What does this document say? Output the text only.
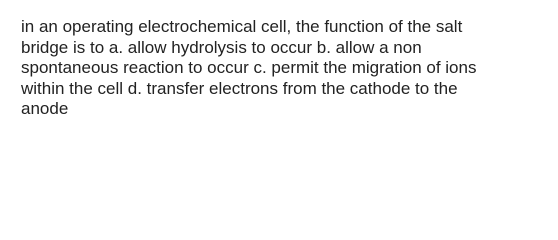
in an operating electrochemical cell, the function of the salt
bridge is to a. allow hydrolysis to occur b. allow a non
spontaneous reaction to occur c. permit the migration of ions
within the cell d. transfer electrons from the cathode to the
anode
